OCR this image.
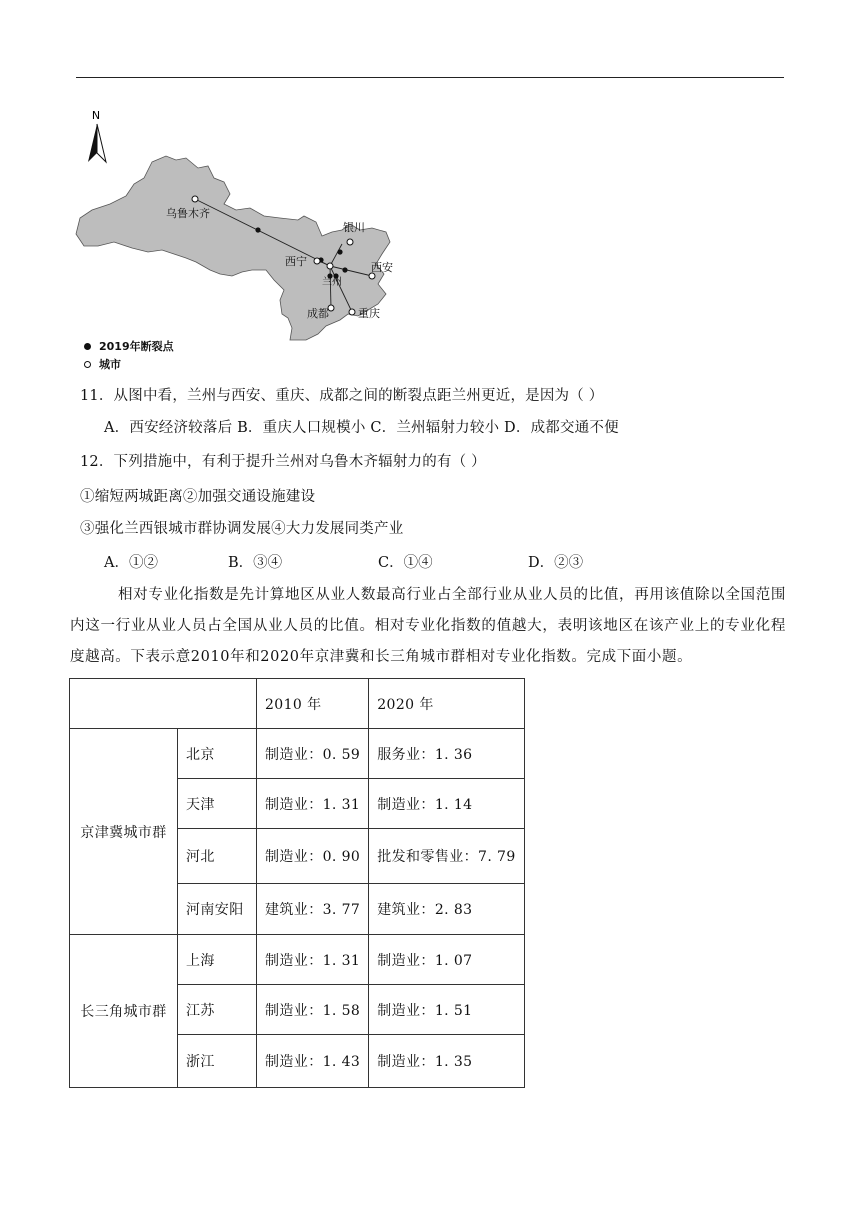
N
乌鲁木齐
银川
西宁
兰州
西安
成都	重庆
2019年断裂点
城市
11．从图中看，兰州与西安、重庆、成都之间的断裂点距兰州更近，是因为（ ）
A．西安经济较落后 B．重庆人口规模小 C．兰州辐射力较小 D．成都交通不便
12．下列措施中，有利于提升兰州对乌鲁木齐辐射力的有（ ）
①缩短两城距离②加强交通设施建设
③强化兰西银城市群协调发展④大力发展同类产业
A．①②	B．③④	C．①④	D．②③
相对专业化指数是先计算地区从业人数最高行业占全部行业从业人员的比值，再用该值除以全国范围内这一行业从业人员占全国从业人员的比值。相对专业化指数的值越大，表明该地区在该产业上的专业化程度越高。下表示意2010年和2020年京津冀和长三角城市群相对专业化指数。完成下面小题。
		2010 年	2020 年
京津冀城市群	北京	制造业：0. 59	服务业：1. 36
	天津	制造业：1. 31	制造业：1. 14
	河北	制造业：0. 90	批发和零售业：7. 79
	河南安阳	建筑业：3. 77	建筑业：2. 83
长三角城市群	上海	制造业：1. 31	制造业：1. 07
	江苏	制造业：1. 58	制造业：1. 51
	浙江	制造业：1. 43	制造业：1. 35
